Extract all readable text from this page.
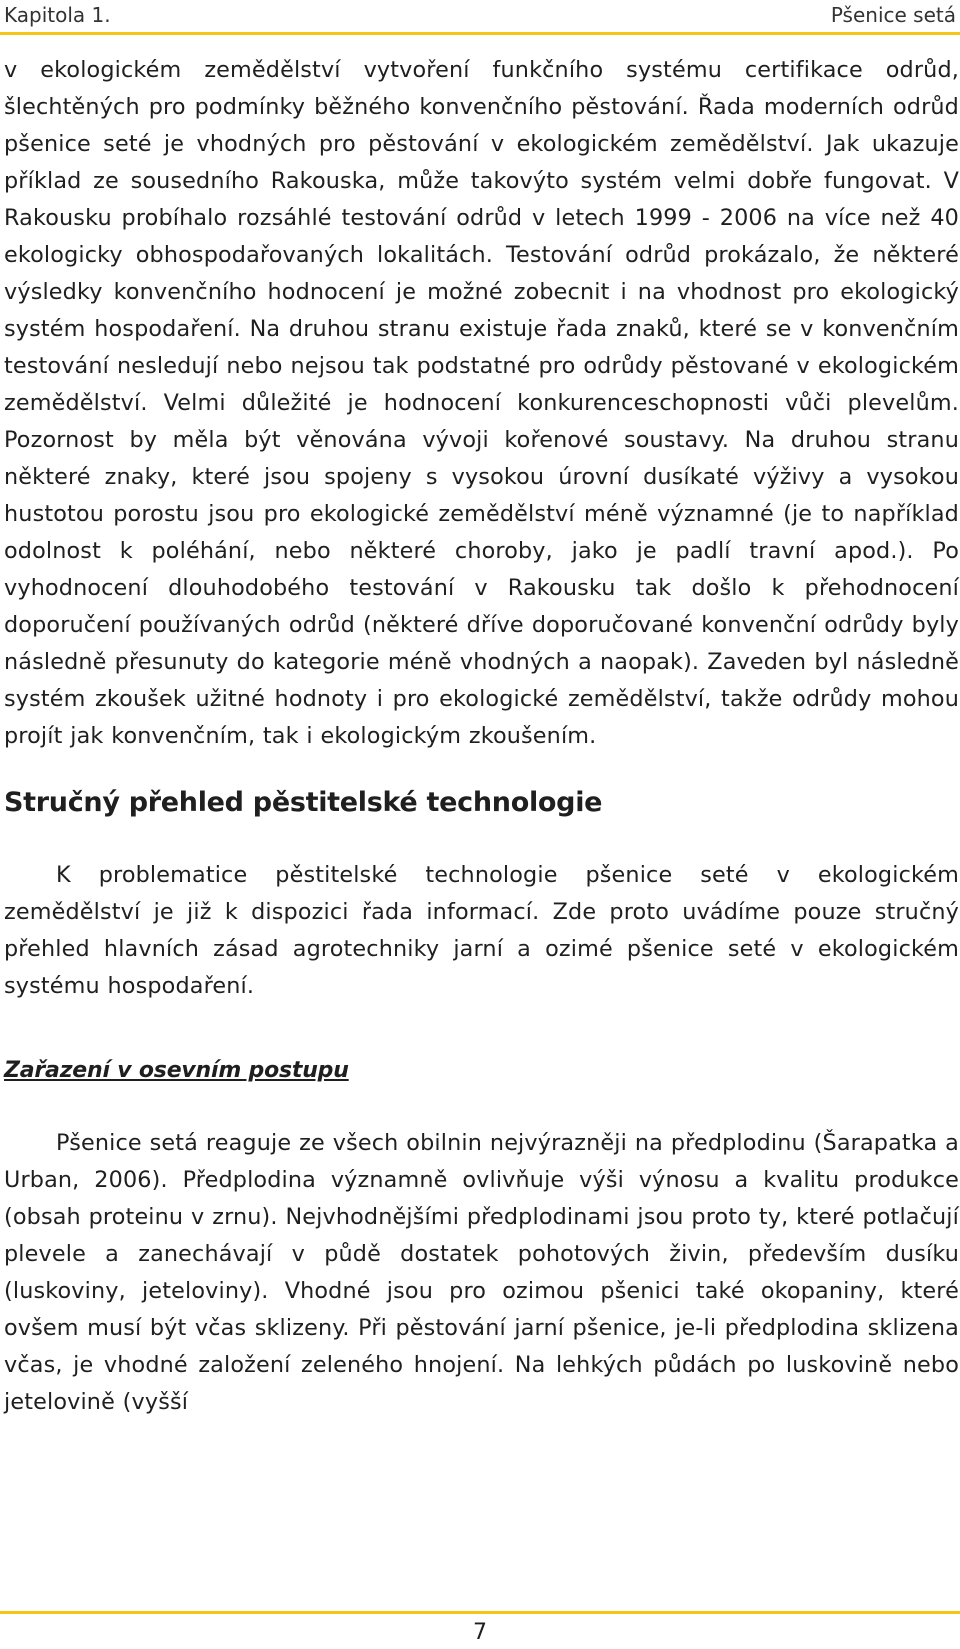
Kapitola 1.	Pšenice setá

v ekologickém zemědělství vytvoření funkčního systému certifikace odrůd, šlechtěných pro podmínky běžného konvenčního pěstování. Řada moderních odrůd pšenice seté je vhodných pro pěstování v ekologickém zemědělství. Jak ukazuje příklad ze sousedního Rakouska, může takovýto systém velmi dobře fungovat. V Rakousku probíhalo rozsáhlé testování odrůd v letech 1999 - 2006 na více než 40 ekologicky obhospodařovaných lokalitách. Testování odrůd prokázalo, že některé výsledky konvenčního hodnocení je možné zobecnit i na vhodnost pro ekologický systém hospodaření. Na druhou stranu existuje řada znaků, které se v konvenčním testování nesledují nebo nejsou tak podstatné pro odrůdy pěstované v ekologickém zemědělství. Velmi důležité je hodnocení konkurenceschopnosti vůči plevelům. Pozornost by měla být věnována vývoji kořenové soustavy. Na druhou stranu některé znaky, které jsou spojeny s vysokou úrovní dusíkaté výživy a vysokou hustotou porostu jsou pro ekologické zemědělství méně významné (je to například odolnost k poléhání, nebo některé choroby, jako je padlí travní apod.). Po vyhodnocení dlouhodobého testování v Rakousku tak došlo k přehodnocení doporučení používaných odrůd (některé dříve doporučované konvenční odrůdy byly následně přesunuty do kategorie méně vhodných a naopak). Zaveden byl následně systém zkoušek užitné hodnoty i pro ekologické zemědělství, takže odrůdy mohou projít jak konvenčním, tak i ekologickým zkoušením.

Stručný přehled pěstitelské technologie

K problematice pěstitelské technologie pšenice seté v ekologickém zemědělství je již k dispozici řada informací. Zde proto uvádíme pouze stručný přehled hlavních zásad agrotechniky jarní a ozimé pšenice seté v ekologickém systému hospodaření.

Zařazení v osevním postupu

Pšenice setá reaguje ze všech obilnin nejvýrazněji na předplodinu (Šarapatka a Urban, 2006). Předplodina významně ovlivňuje výši výnosu a kvalitu produkce (obsah proteinu v zrnu). Nejvhodnějšími předplodinami jsou proto ty, které potlačují plevele a zanechávají v půdě dostatek pohotových živin, především dusíku (luskoviny, jeteloviny). Vhodné jsou pro ozimou pšenici také okopaniny, které ovšem musí být včas sklizeny. Při pěstování jarní pšenice, je-li předplodina sklizena včas, je vhodné založení zeleného hnojení. Na lehkých půdách po luskovině nebo jetelovině (vyšší

7
